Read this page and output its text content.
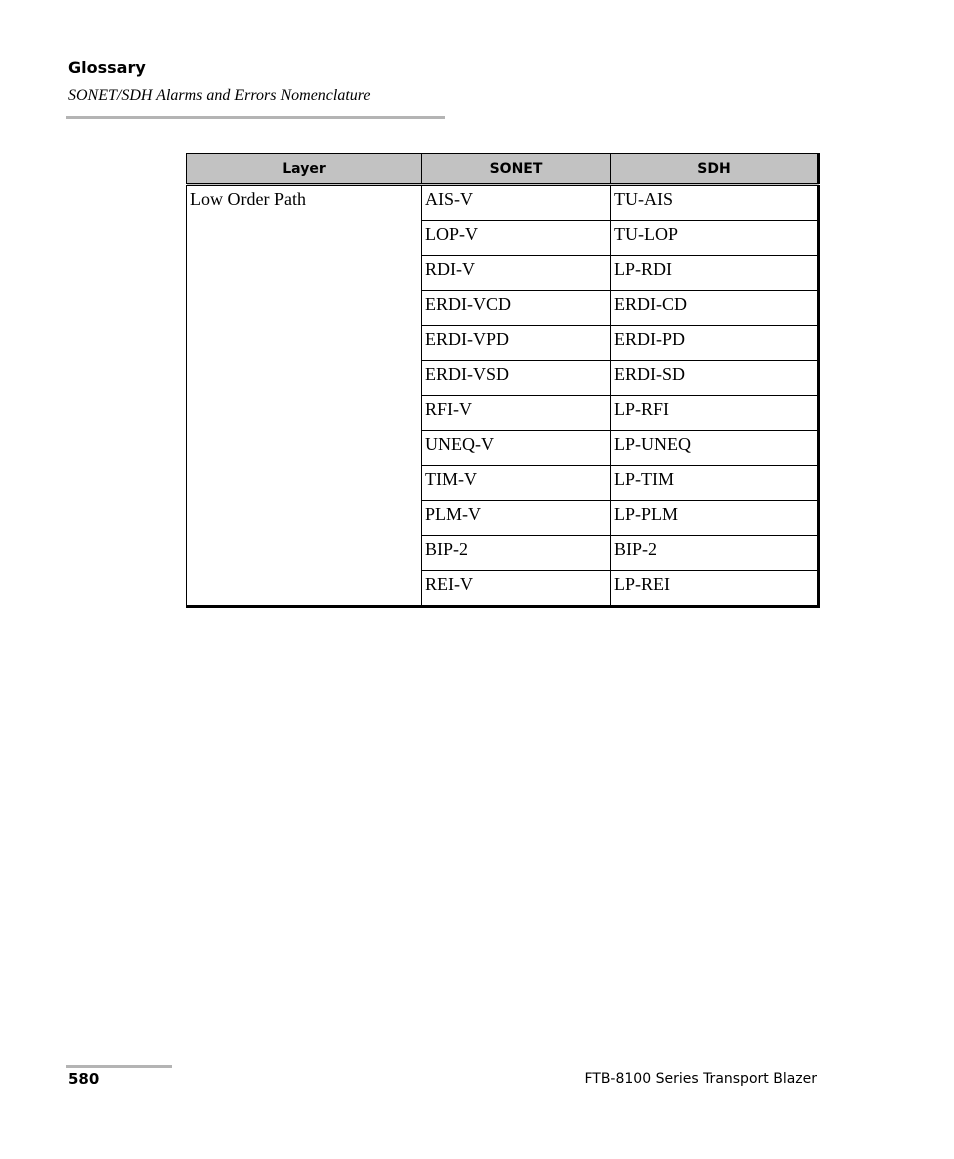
Glossary

SONET/SDH Alarms and Errors Nomenclature

Layer	SONET	SDH
Low Order Path	AIS-V	TU-AIS
	LOP-V	TU-LOP
	RDI-V	LP-RDI
	ERDI-VCD	ERDI-CD
	ERDI-VPD	ERDI-PD
	ERDI-VSD	ERDI-SD
	RFI-V	LP-RFI
	UNEQ-V	LP-UNEQ
	TIM-V	LP-TIM
	PLM-V	LP-PLM
	BIP-2	BIP-2
	REI-V	LP-REI
580	FTB-8100 Series Transport Blazer
